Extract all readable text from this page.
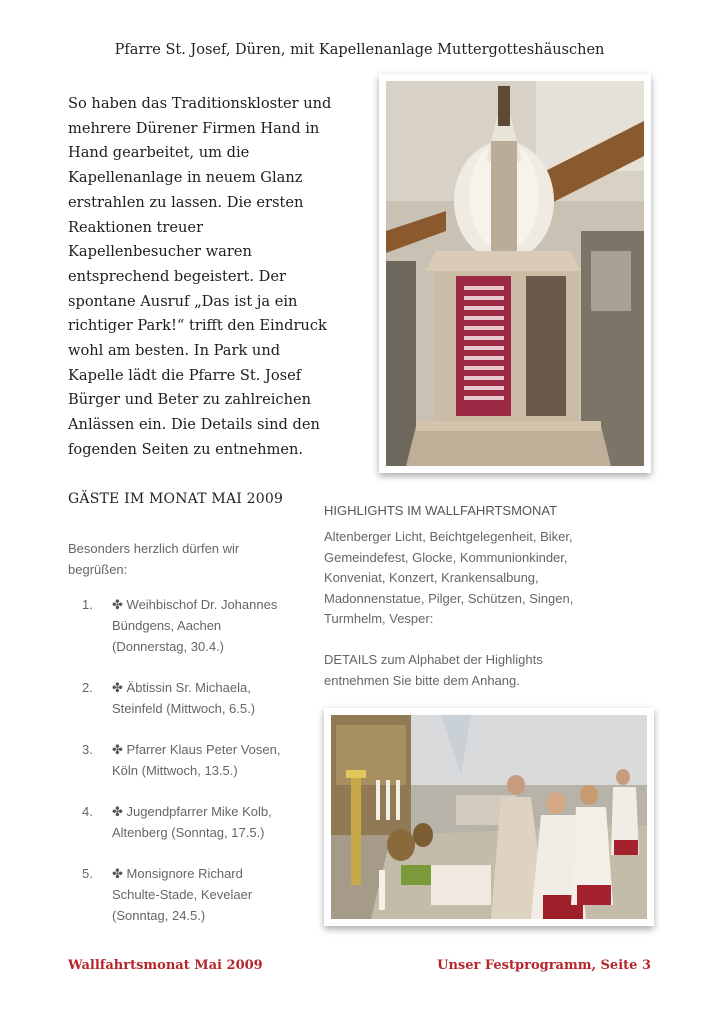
Pfarre St. Josef, Düren, mit Kapellenanlage Muttergotteshäuschen
So haben das Traditionskloster und
mehrere Dürener Firmen Hand in
Hand gearbeitet, um die
Kapellenanlage in neuem Glanz
erstrahlen zu lassen. Die ersten
Reaktionen treuer
Kapellenbesucher waren
entsprechend begeistert. Der
spontane Ausruf „Das ist ja ein
richtiger Park!“ trifft den Eindruck
wohl am besten. In Park und
Kapelle lädt die Pfarre St. Josef
Bürger und Beter zu zahlreichen
Anlässen ein. Die Details sind den
fogenden Seiten zu entnehmen.
GÄSTE IM MONAT MAI 2009
Besonders herzlich dürfen wir
begrüßen:
1. ✤ Weihbischof Dr. Johannes
Bündgens, Aachen
(Donnerstag, 30.4.)
2. ✤ Äbtissin Sr. Michaela,
Steinfeld (Mittwoch, 6.5.)
3. ✤ Pfarrer Klaus Peter Vosen,
Köln (Mittwoch, 13.5.)
4. ✤ Jugendpfarrer Mike Kolb,
Altenberg (Sonntag, 17.5.)
5. ✤ Monsignore Richard
Schulte-Stade, Kevelaer
(Sonntag, 24.5.)
HIGHLIGHTS IM WALLFAHRTSMONAT
Altenberger Licht, Beichtgelegenheit, Biker,
Gemeindefest, Glocke, Kommunionkinder,
Konveniat, Konzert, Krankensalbung,
Madonnenstatue, Pilger, Schützen, Singen,
Turmhelm, Vesper:
DETAILS zum Alphabet der Highlights
entnehmen Sie bitte dem Anhang.
Wallfahrtsmonat Mai 2009	Unser Festprogramm, Seite 3
